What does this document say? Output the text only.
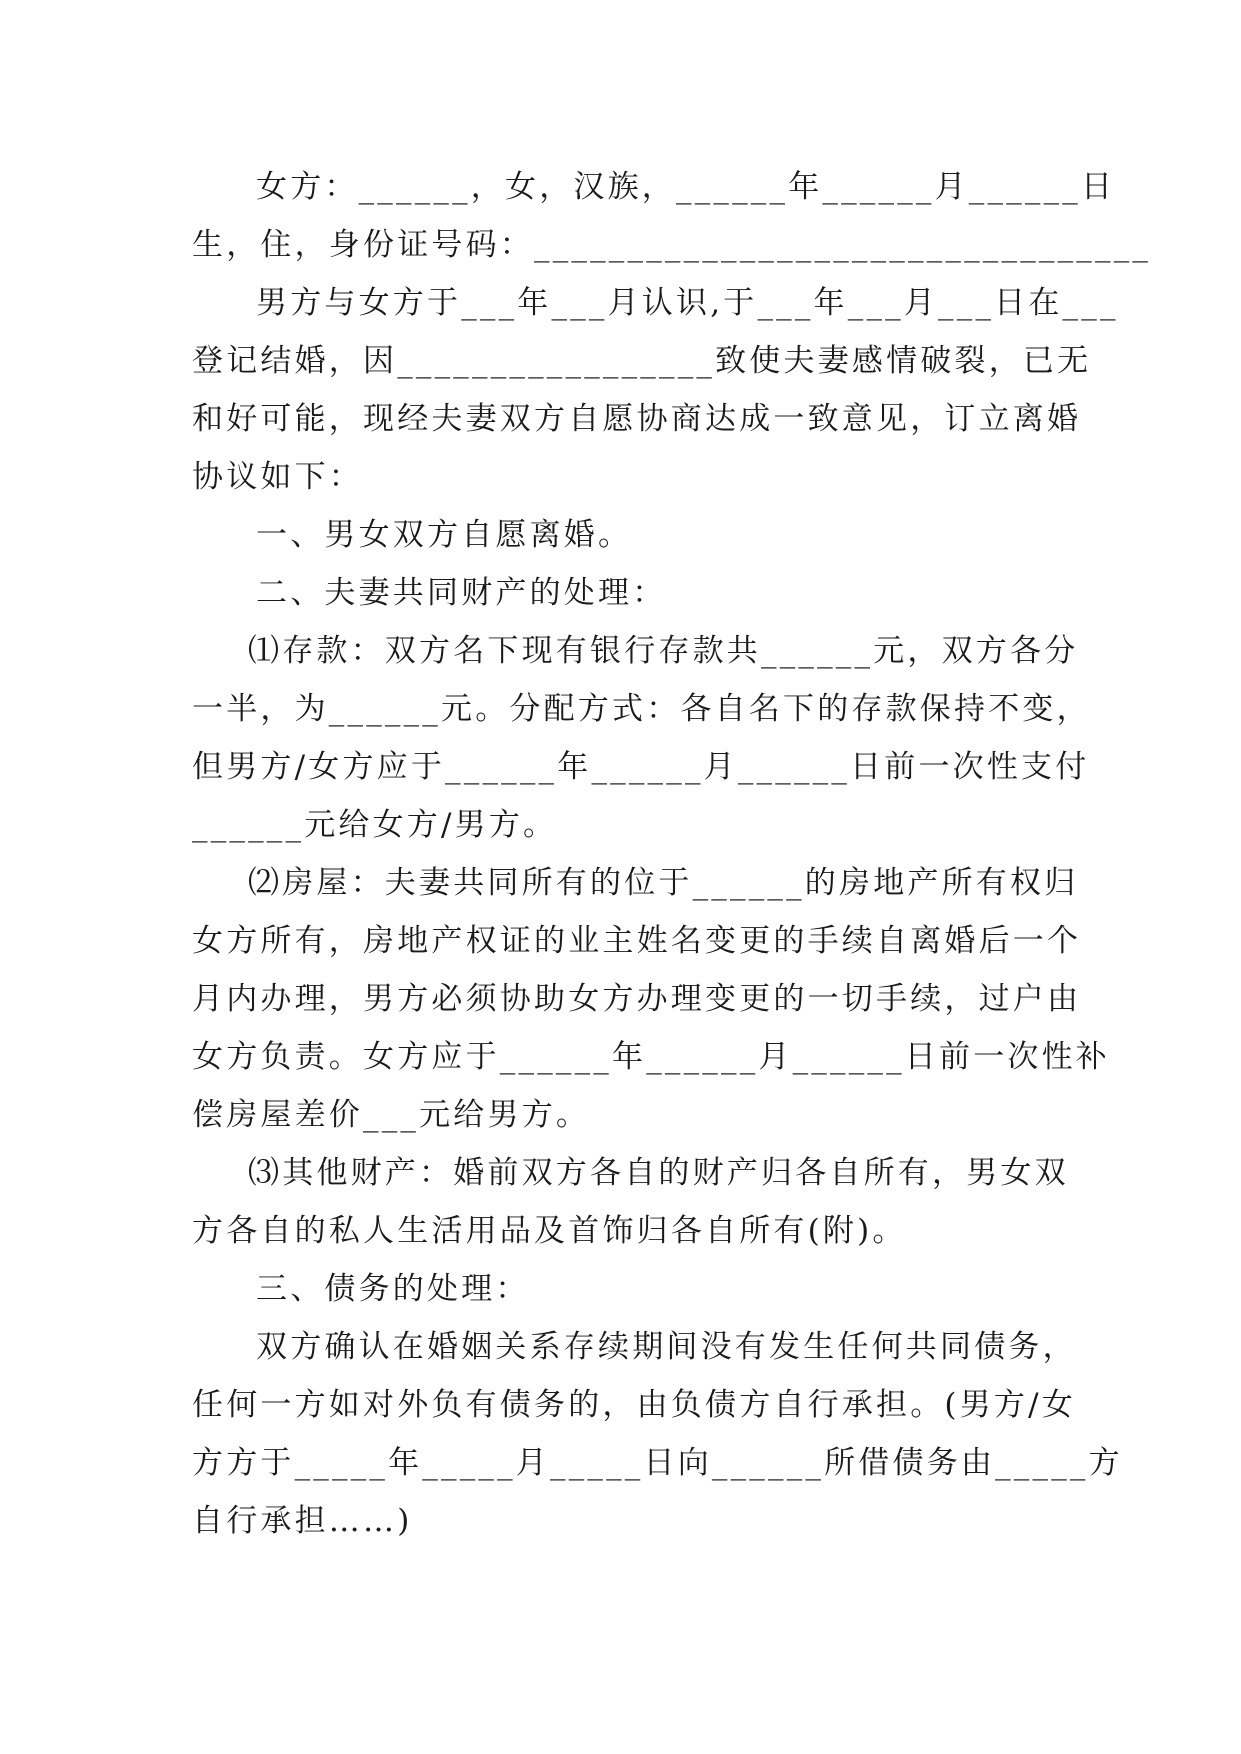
女方：______，女，汉族，______年______月______日
生，住，身份证号码：_________________________________
男方与女方于___年___月认识,于___年___月___日在___
登记结婚，因_________________致使夫妻感情破裂，已无
和好可能，现经夫妻双方自愿协商达成一致意见，订立离婚
协议如下：
一、男女双方自愿离婚。
二、夫妻共同财产的处理：
⑴存款：双方名下现有银行存款共______元，双方各分
一半，为______元。分配方式：各自名下的存款保持不变，
但男方/女方应于______年______月______日前一次性支付
______元给女方/男方。
⑵房屋：夫妻共同所有的位于______的房地产所有权归
女方所有，房地产权证的业主姓名变更的手续自离婚后一个
月内办理，男方必须协助女方办理变更的一切手续，过户由
女方负责。女方应于______年______月______日前一次性补
偿房屋差价___元给男方。
⑶其他财产：婚前双方各自的财产归各自所有，男女双
方各自的私人生活用品及首饰归各自所有(附)。
三、债务的处理：
双方确认在婚姻关系存续期间没有发生任何共同债务，
任何一方如对外负有债务的，由负债方自行承担。(男方/女
方方于_____年_____月_____日向______所借债务由_____方
自行承担……)
